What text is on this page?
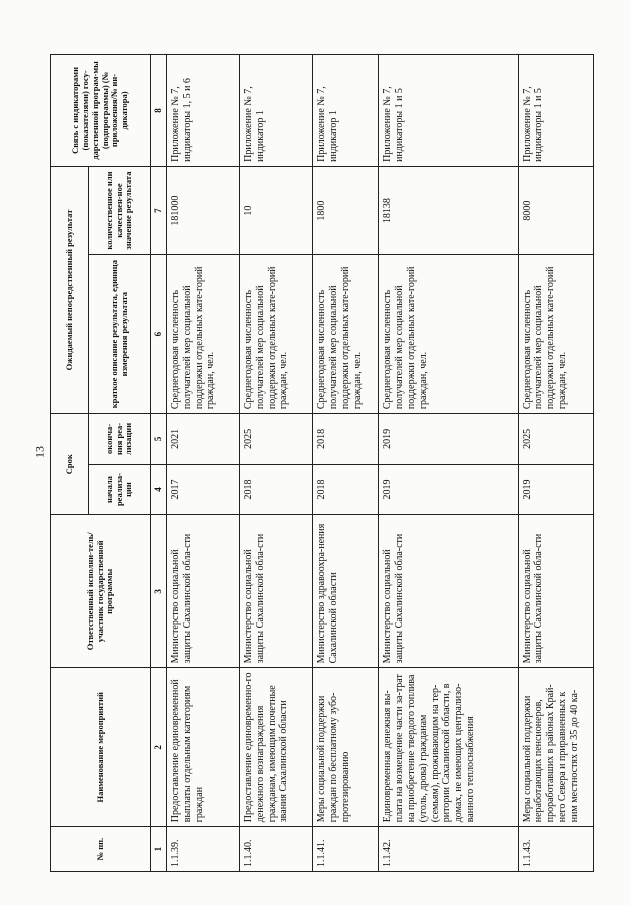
13
№ пп.	Наименование мероприятий	Ответственный исполни-тель/участник государственной программы	Срок		Ожидаемый непосредственный результат		Связь с индикаторами (показателями) госу-дарственной програм-мы (подпрограммы) (№ приложения/№ ин-дикатора)
			начала реализа-ции	оконча-ния реа-лизации	краткое описание результата, единица измерения результата	количественное или качествен-ное значение результата	
1	2	3	4	5	6	7	8
1.1.39.	Предоставление единовременной выплаты отдельным категориям граждан	Министерство социальной защиты Сахалинской обла-сти	2017	2021	Среднегодовая численность получателей мер социальной поддержки отдельных кате-горий граждан, чел.	181000	Приложение № 7, индикаторы 1, 5 и 6
1.1.40.	Предоставление единовременно-го денежного вознаграждения гражданам, имеющим почетные звания Сахалинской области	Министерство социальной защиты Сахалинской обла-сти	2018	2025	Среднегодовая численность получателей мер социальной поддержки отдельных кате-горий граждан, чел.	10	Приложение № 7, индикатор 1
1.1.41.	Меры социальной поддержки граждан по бесплатному зубо-протезированию	Министерство здравоохра-нения Сахалинской области	2018	2018	Среднегодовая численность получателей мер социальной поддержки отдельных кате-горий граждан, чел.	1800	Приложение № 7, индикатор 1
1.1.42.	Единовременная денежная вы-плата на возмещение части за-трат на приобретение твердого топлива (уголь, дрова) гражданам (семьям), проживающим на тер-ритории Сахалинской области, в домах, не имеющих централизо-ванного теплоснабжения	Министерство социальной защиты Сахалинской обла-сти	2019	2019	Среднегодовая численность получателей мер социальной поддержки отдельных кате-горий граждан, чел.	18138	Приложение № 7, индикаторы 1 и 5
1.1.43.	Меры социальной поддержки неработающих пенсионеров, проработавших в районах Край-него Севера и приравненных к ним местностях от 35 до 40 ка-	Министерство социальной защиты Сахалинской обла-сти	2019	2025	Среднегодовая численность получателей мер социальной поддержки отдельных кате-горий граждан, чел.	8000	Приложение № 7, индикаторы 1 и 5
